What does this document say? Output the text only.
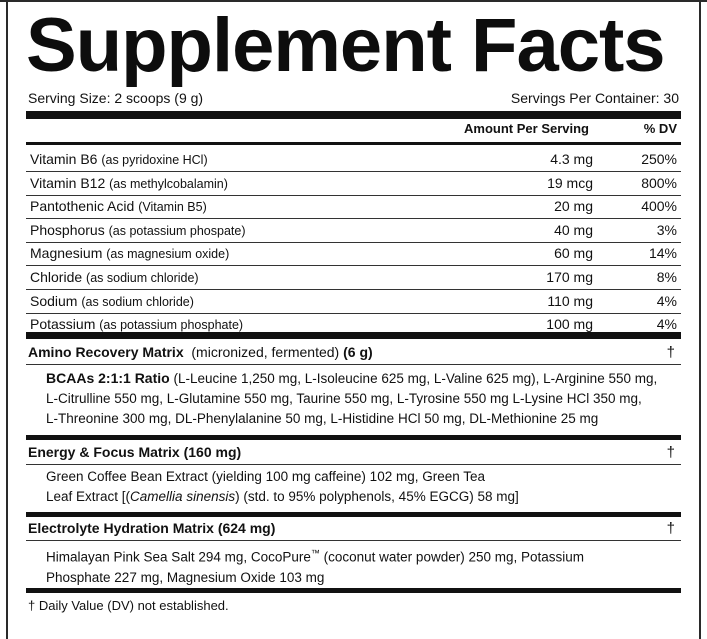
Supplement Facts
Serving Size: 2 scoops (9 g)	Servings Per Container: 30
Amount Per Serving	% DV
Vitamin B6 (as pyridoxine HCl)	4.3 mg	250%
Vitamin B12 (as methylcobalamin)	19 mcg	800%
Pantothenic Acid (Vitamin B5)	20 mg	400%
Phosphorus (as potassium phospate)	40 mg	3%
Magnesium (as magnesium oxide)	60 mg	14%
Chloride (as sodium chloride)	170 mg	8%
Sodium (as sodium chloride)	110 mg	4%
Potassium (as potassium phosphate)	100 mg	4%
Amino Recovery Matrix (micronized, fermented) (6 g)	†
BCAAs 2:1:1 Ratio (L-Leucine 1,250 mg, L-Isoleucine 625 mg, L-Valine 625 mg), L-Arginine 550 mg,
L-Citrulline 550 mg, L-Glutamine 550 mg, Taurine 550 mg, L-Tyrosine 550 mg L-Lysine HCl 350 mg,
L-Threonine 300 mg, DL-Phenylalanine 50 mg, L-Histidine HCl 50 mg, DL-Methionine 25 mg
Energy & Focus Matrix (160 mg)	†
Green Coffee Bean Extract (yielding 100 mg caffeine) 102 mg, Green Tea
Leaf Extract [(Camellia sinensis) (std. to 95% polyphenols, 45% EGCG) 58 mg]
Electrolyte Hydration Matrix (624 mg)	†
Himalayan Pink Sea Salt 294 mg, CocoPure™ (coconut water powder) 250 mg, Potassium
Phosphate 227 mg, Magnesium Oxide 103 mg
† Daily Value (DV) not established.
